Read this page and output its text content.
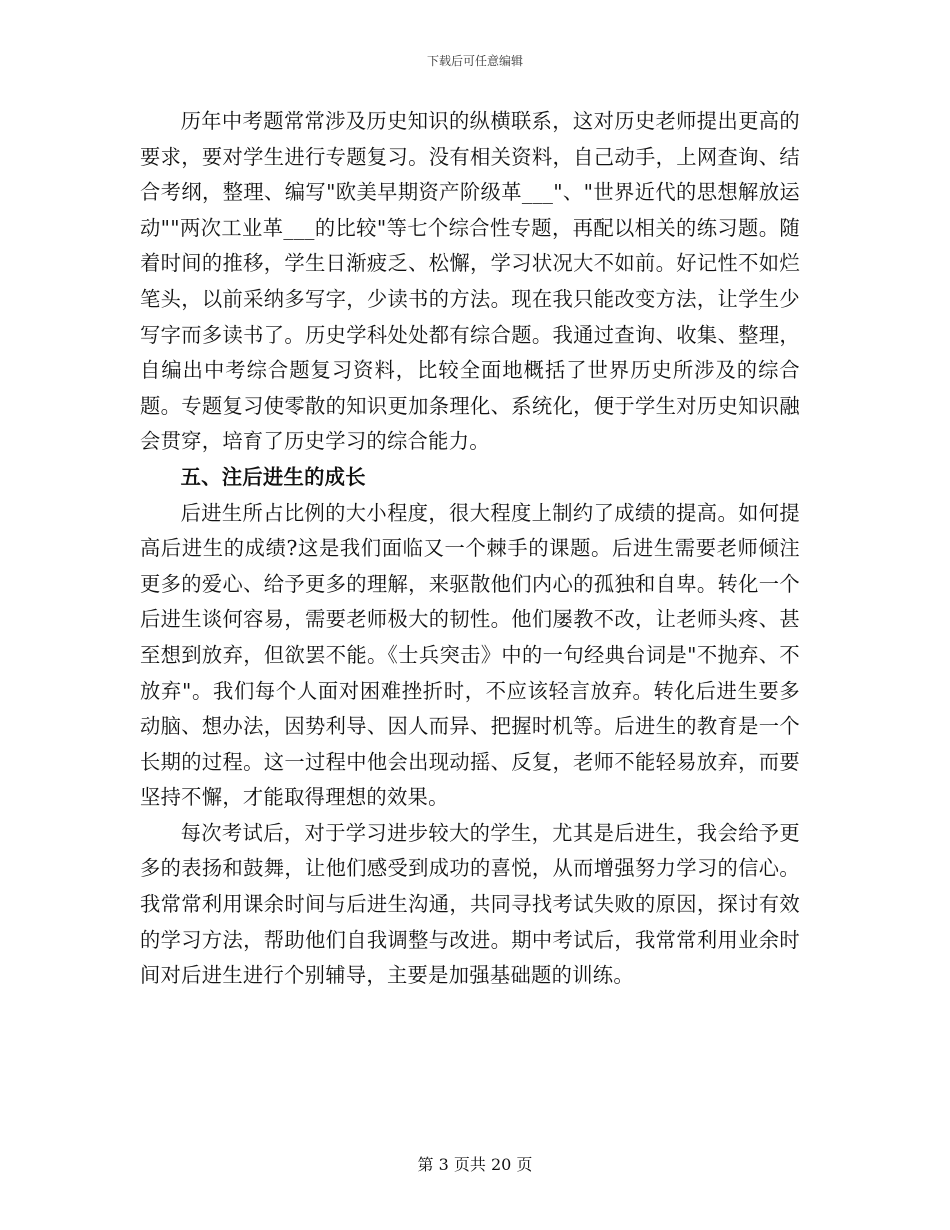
下载后可任意编辑

历年中考题常常涉及历史知识的纵横联系，这对历史老师提出更高的要求，要对学生进行专题复习。没有相关资料，自己动手，上网查询、结合考纲，整理、编写"欧美早期资产阶级革___"、"世界近代的思想解放运动""两次工业革___的比较"等七个综合性专题，再配以相关的练习题。随着时间的推移，学生日渐疲乏、松懈，学习状况大不如前。好记性不如烂笔头，以前采纳多写字，少读书的方法。现在我只能改变方法，让学生少写字而多读书了。历史学科处处都有综合题。我通过查询、收集、整理，自编出中考综合题复习资料，比较全面地概括了世界历史所涉及的综合题。专题复习使零散的知识更加条理化、系统化，便于学生对历史知识融会贯穿，培育了历史学习的综合能力。

五、注后进生的成长

后进生所占比例的大小程度，很大程度上制约了成绩的提高。如何提高后进生的成绩?这是我们面临又一个棘手的课题。后进生需要老师倾注更多的爱心、给予更多的理解，来驱散他们内心的孤独和自卑。转化一个后进生谈何容易，需要老师极大的韧性。他们屡教不改，让老师头疼、甚至想到放弃，但欲罢不能。《士兵突击》中的一句经典台词是"不抛弃、不放弃"。我们每个人面对困难挫折时，不应该轻言放弃。转化后进生要多动脑、想办法，因势利导、因人而异、把握时机等。后进生的教育是一个长期的过程。这一过程中他会出现动摇、反复，老师不能轻易放弃，而要坚持不懈，才能取得理想的效果。

每次考试后，对于学习进步较大的学生，尤其是后进生，我会给予更多的表扬和鼓舞，让他们感受到成功的喜悦，从而增强努力学习的信心。我常常利用课余时间与后进生沟通，共同寻找考试失败的原因，探讨有效的学习方法，帮助他们自我调整与改进。期中考试后，我常常利用业余时间对后进生进行个别辅导，主要是加强基础题的训练。

第 3 页共 20 页
